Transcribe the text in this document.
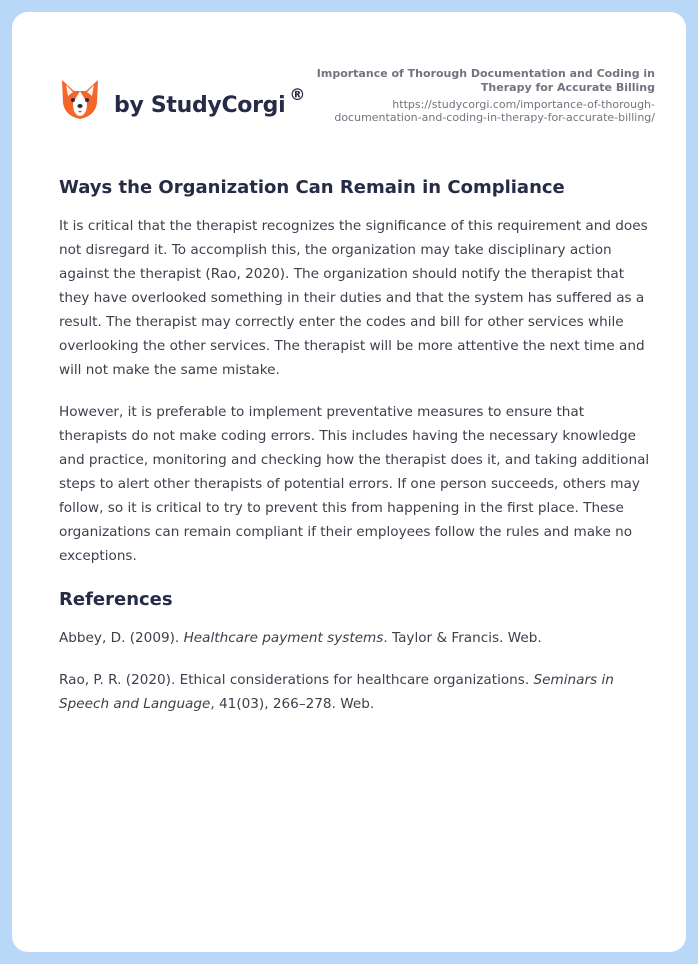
by StudyCorgi ®
Importance of Thorough Documentation and Coding in
Therapy for Accurate Billing
https://studycorgi.com/importance-of-thorough-
documentation-and-coding-in-therapy-for-accurate-billing/
Ways the Organization Can Remain in Compliance

It is critical that the therapist recognizes the significance of this requirement and does not disregard it. To accomplish this, the organization may take disciplinary action against the therapist (Rao, 2020). The organization should notify the therapist that they have overlooked something in their duties and that the system has suffered as a result. The therapist may correctly enter the codes and bill for other services while overlooking the other services. The therapist will be more attentive the next time and will not make the same mistake.

However, it is preferable to implement preventative measures to ensure that therapists do not make coding errors. This includes having the necessary knowledge and practice, monitoring and checking how the therapist does it, and taking additional steps to alert other therapists of potential errors. If one person succeeds, others may follow, so it is critical to try to prevent this from happening in the first place. These organizations can remain compliant if their employees follow the rules and make no exceptions.

References

Abbey, D. (2009). Healthcare payment systems. Taylor & Francis. Web.

Rao, P. R. (2020). Ethical considerations for healthcare organizations. Seminars in Speech and Language, 41(03), 266–278. Web.
